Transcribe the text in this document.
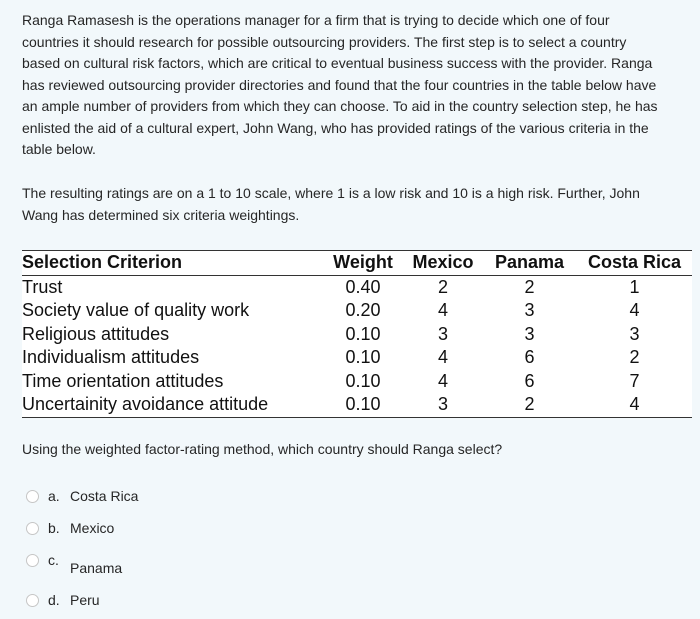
Ranga Ramasesh is the operations manager for a firm that is trying to decide which one of four countries it should research for possible outsourcing providers. The first step is to select a country based on cultural risk factors, which are critical to eventual business success with the provider. Ranga has reviewed outsourcing provider directories and found that the four countries in the table below have an ample number of providers from which they can choose. To aid in the country selection step, he has enlisted the aid of a cultural expert, John Wang, who has provided ratings of the various criteria in the table below.

The resulting ratings are on a 1 to 10 scale, where 1 is a low risk and 10 is a high risk. Further, John Wang has determined six criteria weightings.

Selection Criterion	Weight	Mexico	Panama	Costa Rica
Trust	0.40	2	2	1
Society value of quality work	0.20	4	3	4
Religious attitudes	0.10	3	3	3
Individualism attitudes	0.10	4	6	2
Time orientation attitudes	0.10	4	6	7
Uncertainity avoidance attitude	0.10	3	2	4

Using the weighted factor-rating method, which country should Ranga select?

a. Costa Rica
b. Mexico
c. Panama
d. Peru
